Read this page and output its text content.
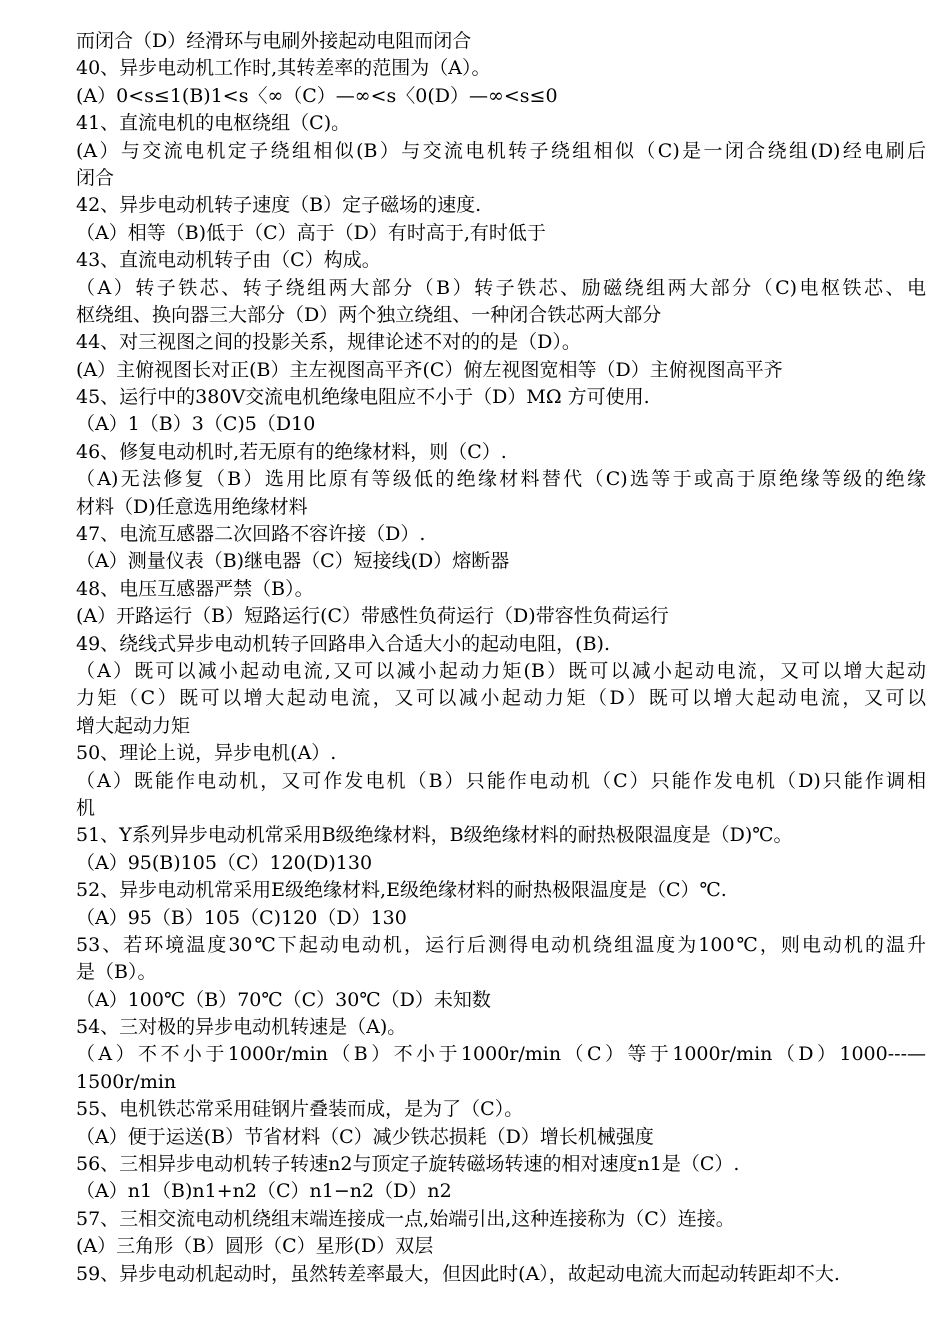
而闭合（D）经滑环与电刷外接起动电阻而闭合
40、异步电动机工作时,其转差率的范围为（A）。
(A）0<s≤1(B)1<s〈∞（C）—∞<s〈0(D）—∞<s≤0
41、直流电机的电枢绕组（C)。
(A）与交流电机定子绕组相似(B）与交流电机转子绕组相似（C)是一闭合绕组(D)经电刷后
闭合
42、异步电动机转子速度（B）定子磁场的速度.
（A）相等（B)低于（C）高于（D）有时高于,有时低于
43、直流电动机转子由（C）构成。
（A）转子铁芯、转子绕组两大部分（B）转子铁芯、励磁绕组两大部分（C)电枢铁芯、电
枢绕组、换向器三大部分（D）两个独立绕组、一种闭合铁芯两大部分
44、对三视图之间的投影关系，规律论述不对的的是（D）。
(A）主俯视图长对正(B）主左视图高平齐(C）俯左视图宽相等（D）主俯视图高平齐
45、运行中的380V交流电机绝缘电阻应不小于（D）MΩ 方可使用.
（A）1（B）3（C)5（D10
46、修复电动机时,若无原有的绝缘材料，则（C）.
（A)无法修复（B）选用比原有等级低的绝缘材料替代（C)选等于或高于原绝缘等级的绝缘
材料（D)任意选用绝缘材料
47、电流互感器二次回路不容许接（D）.
（A）测量仪表（B)继电器（C）短接线(D）熔断器
48、电压互感器严禁（B）。
(A）开路运行（B）短路运行(C）带感性负荷运行（D)带容性负荷运行
49、绕线式异步电动机转子回路串入合适大小的起动电阻，(B).
（A）既可以减小起动电流,又可以减小起动力矩(B）既可以减小起动电流，又可以增大起动
力矩（C）既可以增大起动电流，又可以减小起动力矩（D）既可以增大起动电流，又可以
增大起动力矩
50、理论上说，异步电机(A）.
（A）既能作电动机，又可作发电机（B）只能作电动机（C）只能作发电机（D)只能作调相
机
51、Y系列异步电动机常采用B级绝缘材料，B级绝缘材料的耐热极限温度是（D)℃。
（A）95(B)105（C）120(D)130
52、异步电动机常采用E级绝缘材料,E级绝缘材料的耐热极限温度是（C）℃.
（A）95（B）105（C)120（D）130
53、若环境温度30℃下起动电动机，运行后测得电动机绕组温度为100℃，则电动机的温升
是（B）。
（A）100℃（B）70℃（C）30℃（D）未知数
54、三对极的异步电动机转速是（A)。
（A）不不小于1000r/min（B）不小于1000r/min（C）等于1000r/min（D）1000---—
1500r/min
55、电机铁芯常采用硅钢片叠装而成，是为了（C）。
（A）便于运送(B）节省材料（C）减少铁芯损耗（D）增长机械强度
56、三相异步电动机转子转速n2与顶定子旋转磁场转速的相对速度n1是（C）.
（A）n1（B)n1+n2（C）n1−n2（D）n2
57、三相交流电动机绕组末端连接成一点,始端引出,这种连接称为（C）连接。
(A）三角形（B）圆形（C）星形(D）双层
59、异步电动机起动时，虽然转差率最大，但因此时(A），故起动电流大而起动转距却不大.
